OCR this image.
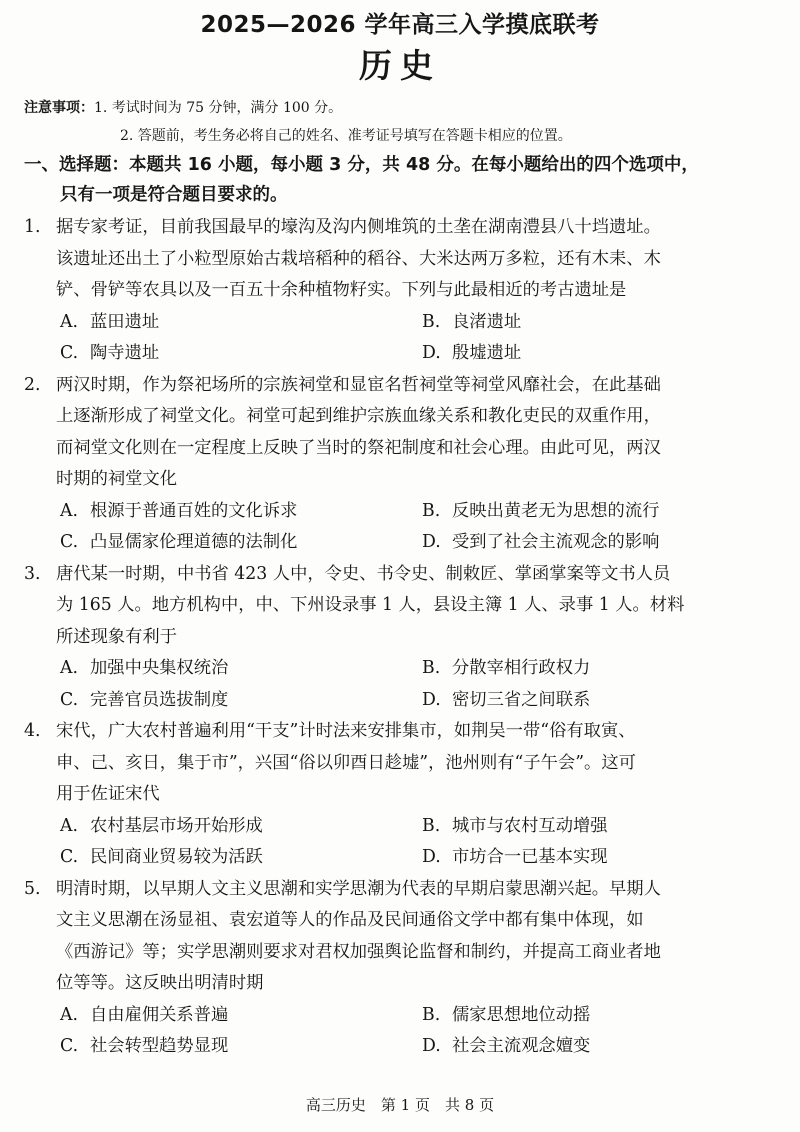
2025—2026 学年高三入学摸底联考
历史
注意事项：1. 考试时间为 75 分钟，满分 100 分。
2. 答题前，考生务必将自己的姓名、准考证号填写在答题卡相应的位置。
一、选择题：本题共 16 小题，每小题 3 分，共 48 分。在每小题给出的四个选项中，
只有一项是符合题目要求的。
1. 据专家考证，目前我国最早的壕沟及沟内侧堆筑的土垄在湖南澧县八十垱遗址。
该遗址还出土了小粒型原始古栽培稻种的稻谷、大米达两万多粒，还有木耒、木
铲、骨铲等农具以及一百五十余种植物籽实。下列与此最相近的考古遗址是
A. 蓝田遗址	B. 良渚遗址
C. 陶寺遗址	D. 殷墟遗址
2. 两汉时期，作为祭祀场所的宗族祠堂和显宦名哲祠堂等祠堂风靡社会，在此基础
上逐渐形成了祠堂文化。祠堂可起到维护宗族血缘关系和教化吏民的双重作用，
而祠堂文化则在一定程度上反映了当时的祭祀制度和社会心理。由此可见，两汉
时期的祠堂文化
A. 根源于普通百姓的文化诉求	B. 反映出黄老无为思想的流行
C. 凸显儒家伦理道德的法制化	D. 受到了社会主流观念的影响
3. 唐代某一时期，中书省 423 人中，令史、书令史、制敕匠、掌函掌案等文书人员
为 165 人。地方机构中，中、下州设录事 1 人，县设主簿 1 人、录事 1 人。材料
所述现象有利于
A. 加强中央集权统治	B. 分散宰相行政权力
C. 完善官员选拔制度	D. 密切三省之间联系
4. 宋代，广大农村普遍利用“干支”计时法来安排集市，如荆吴一带“俗有取寅、
申、己、亥日，集于市”，兴国“俗以卯酉日趁墟”，池州则有“子午会”。这可
用于佐证宋代
A. 农村基层市场开始形成	B. 城市与农村互动增强
C. 民间商业贸易较为活跃	D. 市坊合一已基本实现
5. 明清时期，以早期人文主义思潮和实学思潮为代表的早期启蒙思潮兴起。早期人
文主义思潮在汤显祖、袁宏道等人的作品及民间通俗文学中都有集中体现，如
《西游记》等；实学思潮则要求对君权加强舆论监督和制约，并提高工商业者地
位等等。这反映出明清时期
A. 自由雇佣关系普遍	B. 儒家思想地位动摇
C. 社会转型趋势显现	D. 社会主流观念嬗变
高三历史　第 1 页　共 8 页
